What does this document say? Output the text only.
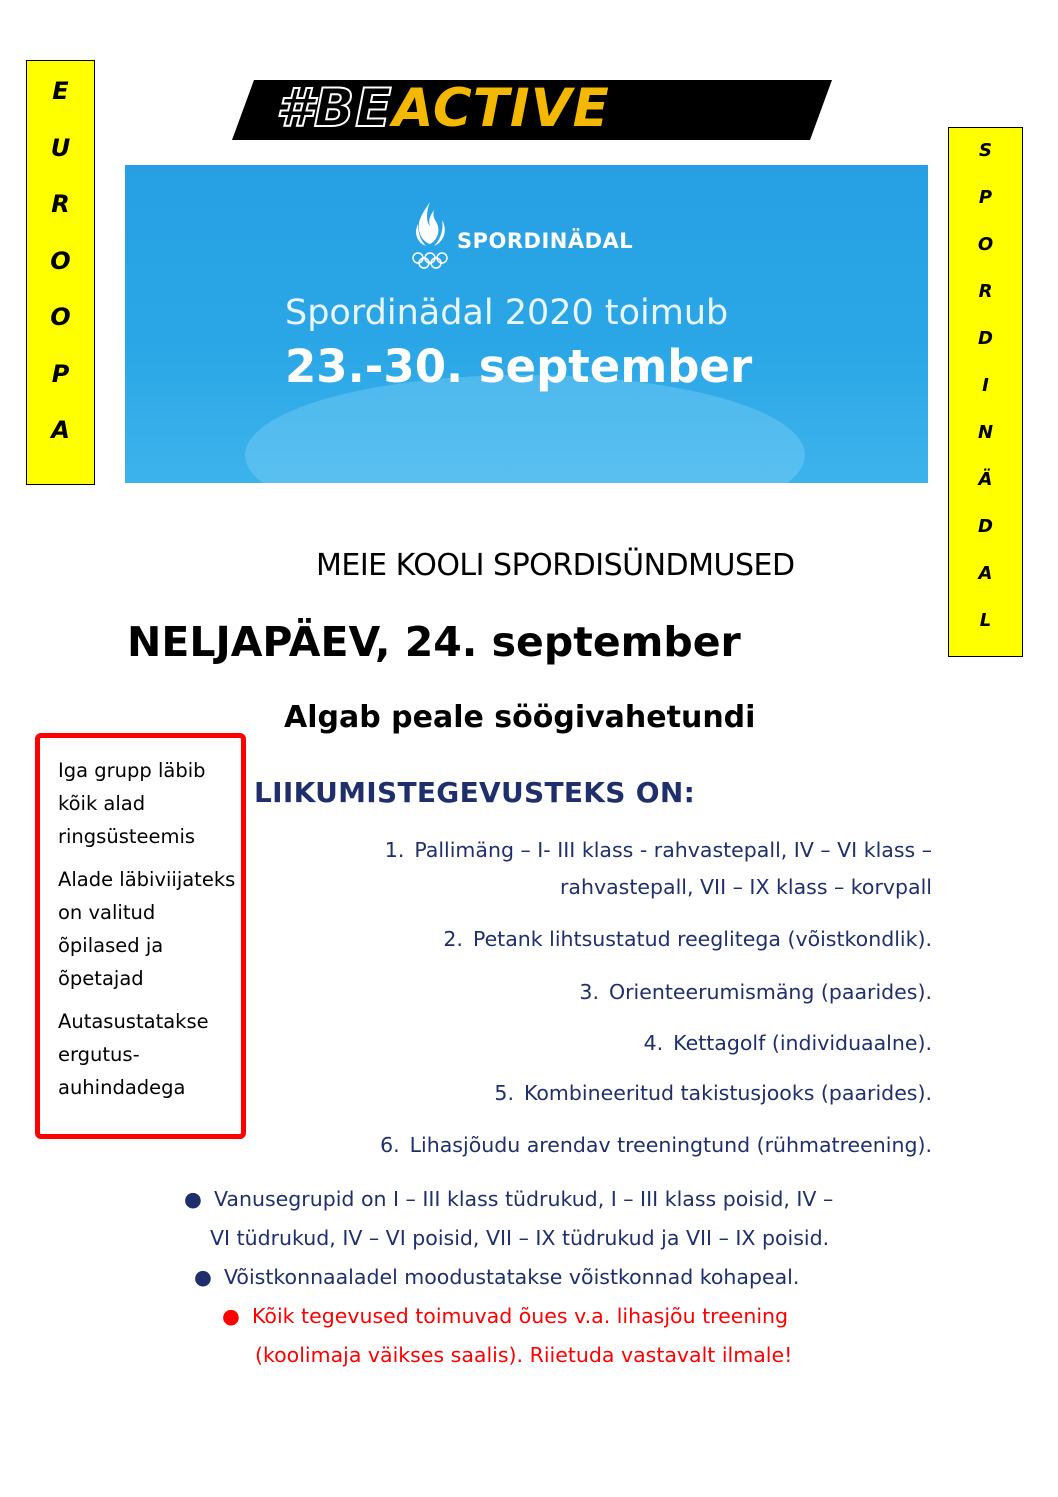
E
U
R
O
O
P
A
S
P
O
R
D
I
N
Ä
D
A
L
#BEACTIVE
SPORDINÄDAL
Spordinädal 2020 toimub
23.-30. september
MEIE KOOLI SPORDISÜNDMUSED
NELJAPÄEV, 24. september
Algab peale söögivahetundi
LIIKUMISTEGEVUSTEKS ON:

Iga grupp läbib kõik alad ringsüsteemis

Alade läbiviijateks on valitud õpilased ja õpetajad

Autasustatakse ergutus-auhindadega

1. Pallimäng – I- III klass - rahvastepall, IV – VI klass –
rahvastepall, VII – IX klass – korvpall
2. Petank lihtsustatud reeglitega (võistkondlik).
3. Orienteerumismäng (paarides).
4. Kettagolf (individuaalne).
5. Kombineeritud takistusjooks (paarides).
6. Lihasjõudu arendav treeningtund (rühmatreening).
● Vanusegrupid on I – III klass tüdrukud, I – III klass poisid, IV –
VI tüdrukud, IV – VI poisid, VII – IX tüdrukud ja VII – IX poisid.
● Võistkonnaaladel moodustatakse võistkonnad kohapeal.
● Kõik tegevused toimuvad õues v.a. lihasjõu treening
(koolimaja väikses saalis). Riietuda vastavalt ilmale!
